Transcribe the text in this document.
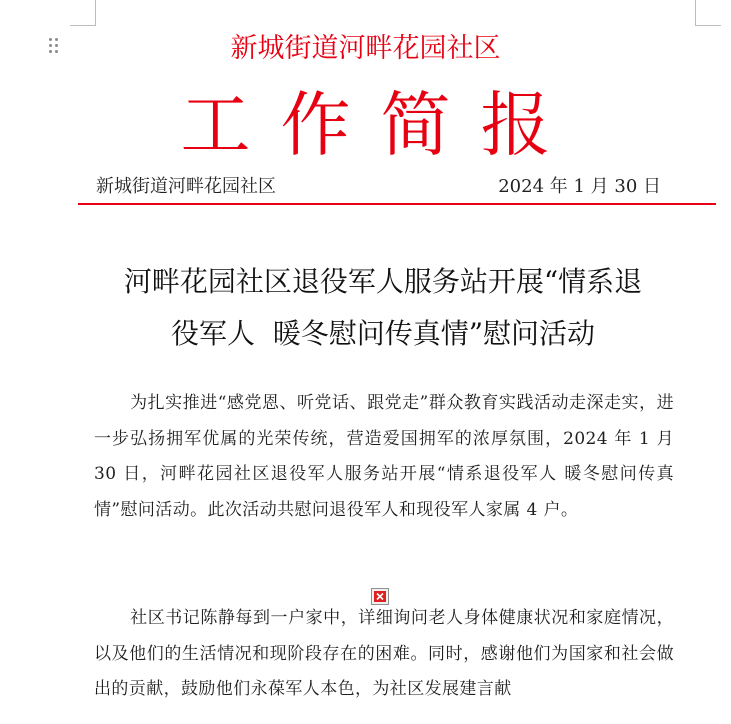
新城街道河畔花园社区
工作简报
新城街道河畔花园社区	2024 年 1 月 30 日
河畔花园社区退役军人服务站开展“情系退
役军人  暖冬慰问传真情”慰问活动
为扎实推进“感党恩、听党话、跟党走”群众教育实践活动走深走实，进一步弘扬拥军优属的光荣传统，营造爱国拥军的浓厚氛围，2024 年 1 月 30 日，河畔花园社区退役军人服务站开展“情系退役军人 暖冬慰问传真情”慰问活动。此次活动共慰问退役军人和现役军人家属 4 户。
社区书记陈静每到一户家中，详细询问老人身体健康状况和家庭情况，以及他们的生活情况和现阶段存在的困难。同时，感谢他们为国家和社会做出的贡献，鼓励他们永葆军人本色，为社区发展建言献
